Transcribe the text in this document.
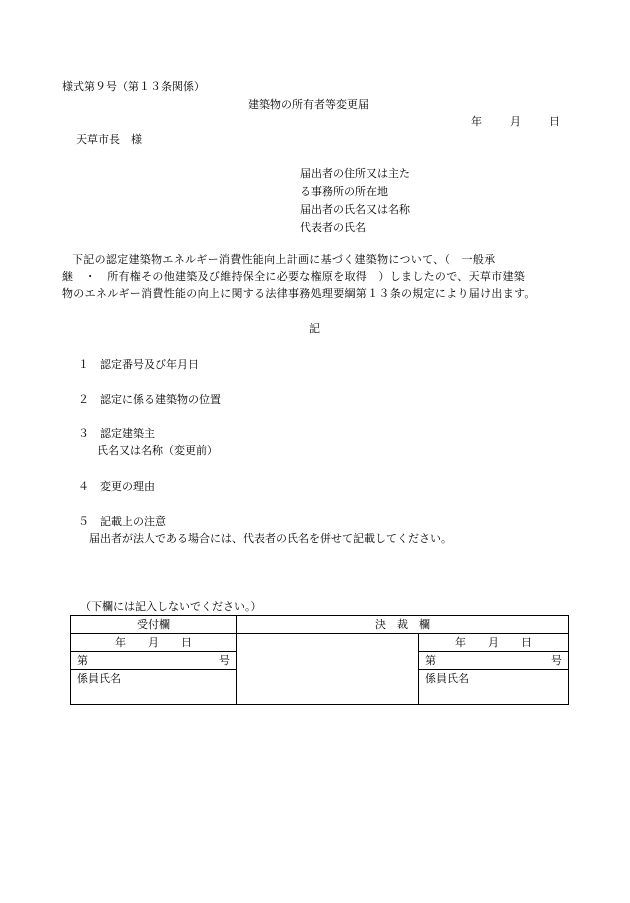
様式第９号（第１３条関係）
建築物の所有者等変更届
年	月	日
天草市長　様
届出者の住所又は主た
る事務所の所在地
届出者の氏名又は名称
代表者の氏名
下記の認定建築物エネルギー消費性能向上計画に基づく建築物について、（　一般承
継　・　所有権その他建築及び維持保全に必要な権原を取得　）しましたので、天草市建築
物のエネルギー消費性能の向上に関する法律事務処理要綱第１３条の規定により届け出ます。
記
１　 認定番号及び年月日
２　 認定に係る建築物の位置
３　 認定建築主
氏名又は名称（変更前）
４　 変更の理由
５　 記載上の注意
届出者が法人である場合には、代表者の氏名を併せて記載してください。
（下欄には記入しないでください。）
受付欄	決　裁　欄	
年　　月　　日		年　　月　　日

第 号		第 号

係員氏名		係員氏名
